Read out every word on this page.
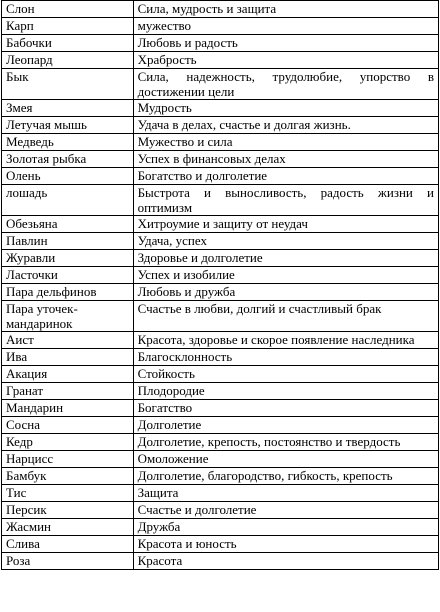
Слон	Сила, мудрость и защита
Карп	мужество
Бабочки	Любовь и радость
Леопард	Храбрость
Бык	Сила, надежность, трудолюбие, упорство в достижении цели
Змея	Мудрость
Летучая мышь	Удача в делах, счастье и долгая жизнь.
Медведь	Мужество и сила
Золотая рыбка	Успех в финансовых делах
Олень	Богатство и долголетие
лошадь	Быстрота и выносливость, радость жизни и оптимизм
Обезьяна	Хитроумие и защиту от неудач
Павлин	Удача, успех
Журавли	Здоровье и долголетие
Ласточки	Успех и изобилие
Пара дельфинов	Любовь и дружба
Пара уточек-мандаринок	Счастье в любви, долгий и счастливый брак
Аист	Красота, здоровье и скорое появление наследника
Ива	Благосклонность
Акация	Стойкость
Гранат	Плодородие
Мандарин	Богатство
Сосна	Долголетие
Кедр	Долголетие, крепость, постоянство и твердость
Нарцисс	Омоложение
Бамбук	Долголетие, благородство, гибкость, крепость
Тис	Защита
Персик	Счастье и долголетие
Жасмин	Дружба
Слива	Красота и юность
Роза	Красота
